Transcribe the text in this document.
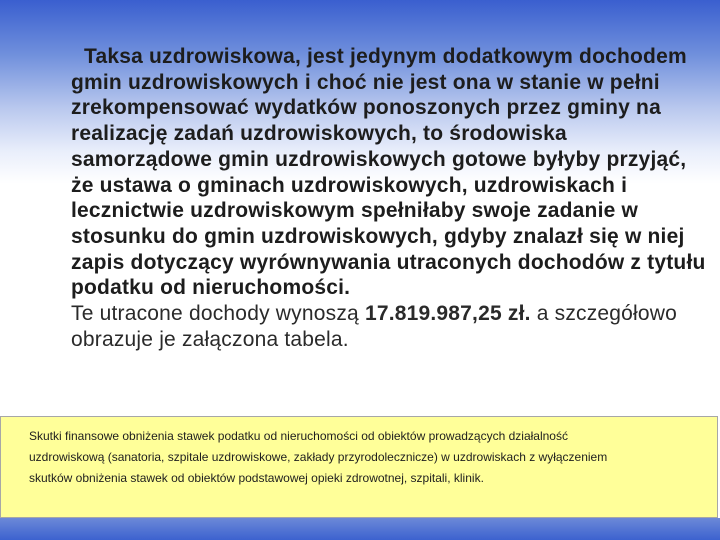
Taksa uzdrowiskowa, jest jedynym dodatkowym dochodem gmin uzdrowiskowych i choć nie jest ona w stanie w pełni zrekompensować wydatków ponoszonych przez gminy na realizację zadań uzdrowiskowych, to środowiska samorządowe gmin uzdrowiskowych gotowe byłyby przyjąć, że ustawa o gminach uzdrowiskowych, uzdrowiskach i lecznictwie uzdrowiskowym spełniłaby swoje zadanie w stosunku do gmin uzdrowiskowych, gdyby znalazł się w niej zapis dotyczący wyrównywania utraconych dochodów z tytułu podatku od nieruchomości.
Te utracone dochody wynoszą 17.819.987,25 zł. a szczegółowo obrazuje je załączona tabela.
Skutki finansowe obniżenia stawek podatku od nieruchomości od obiektów prowadzących działalność uzdrowiskową (sanatoria, szpitale uzdrowiskowe, zakłady przyrodolecznicze) w uzdrowiskach z wyłączeniem skutków obniżenia stawek od obiektów podstawowej opieki zdrowotnej, szpitali, klinik.
